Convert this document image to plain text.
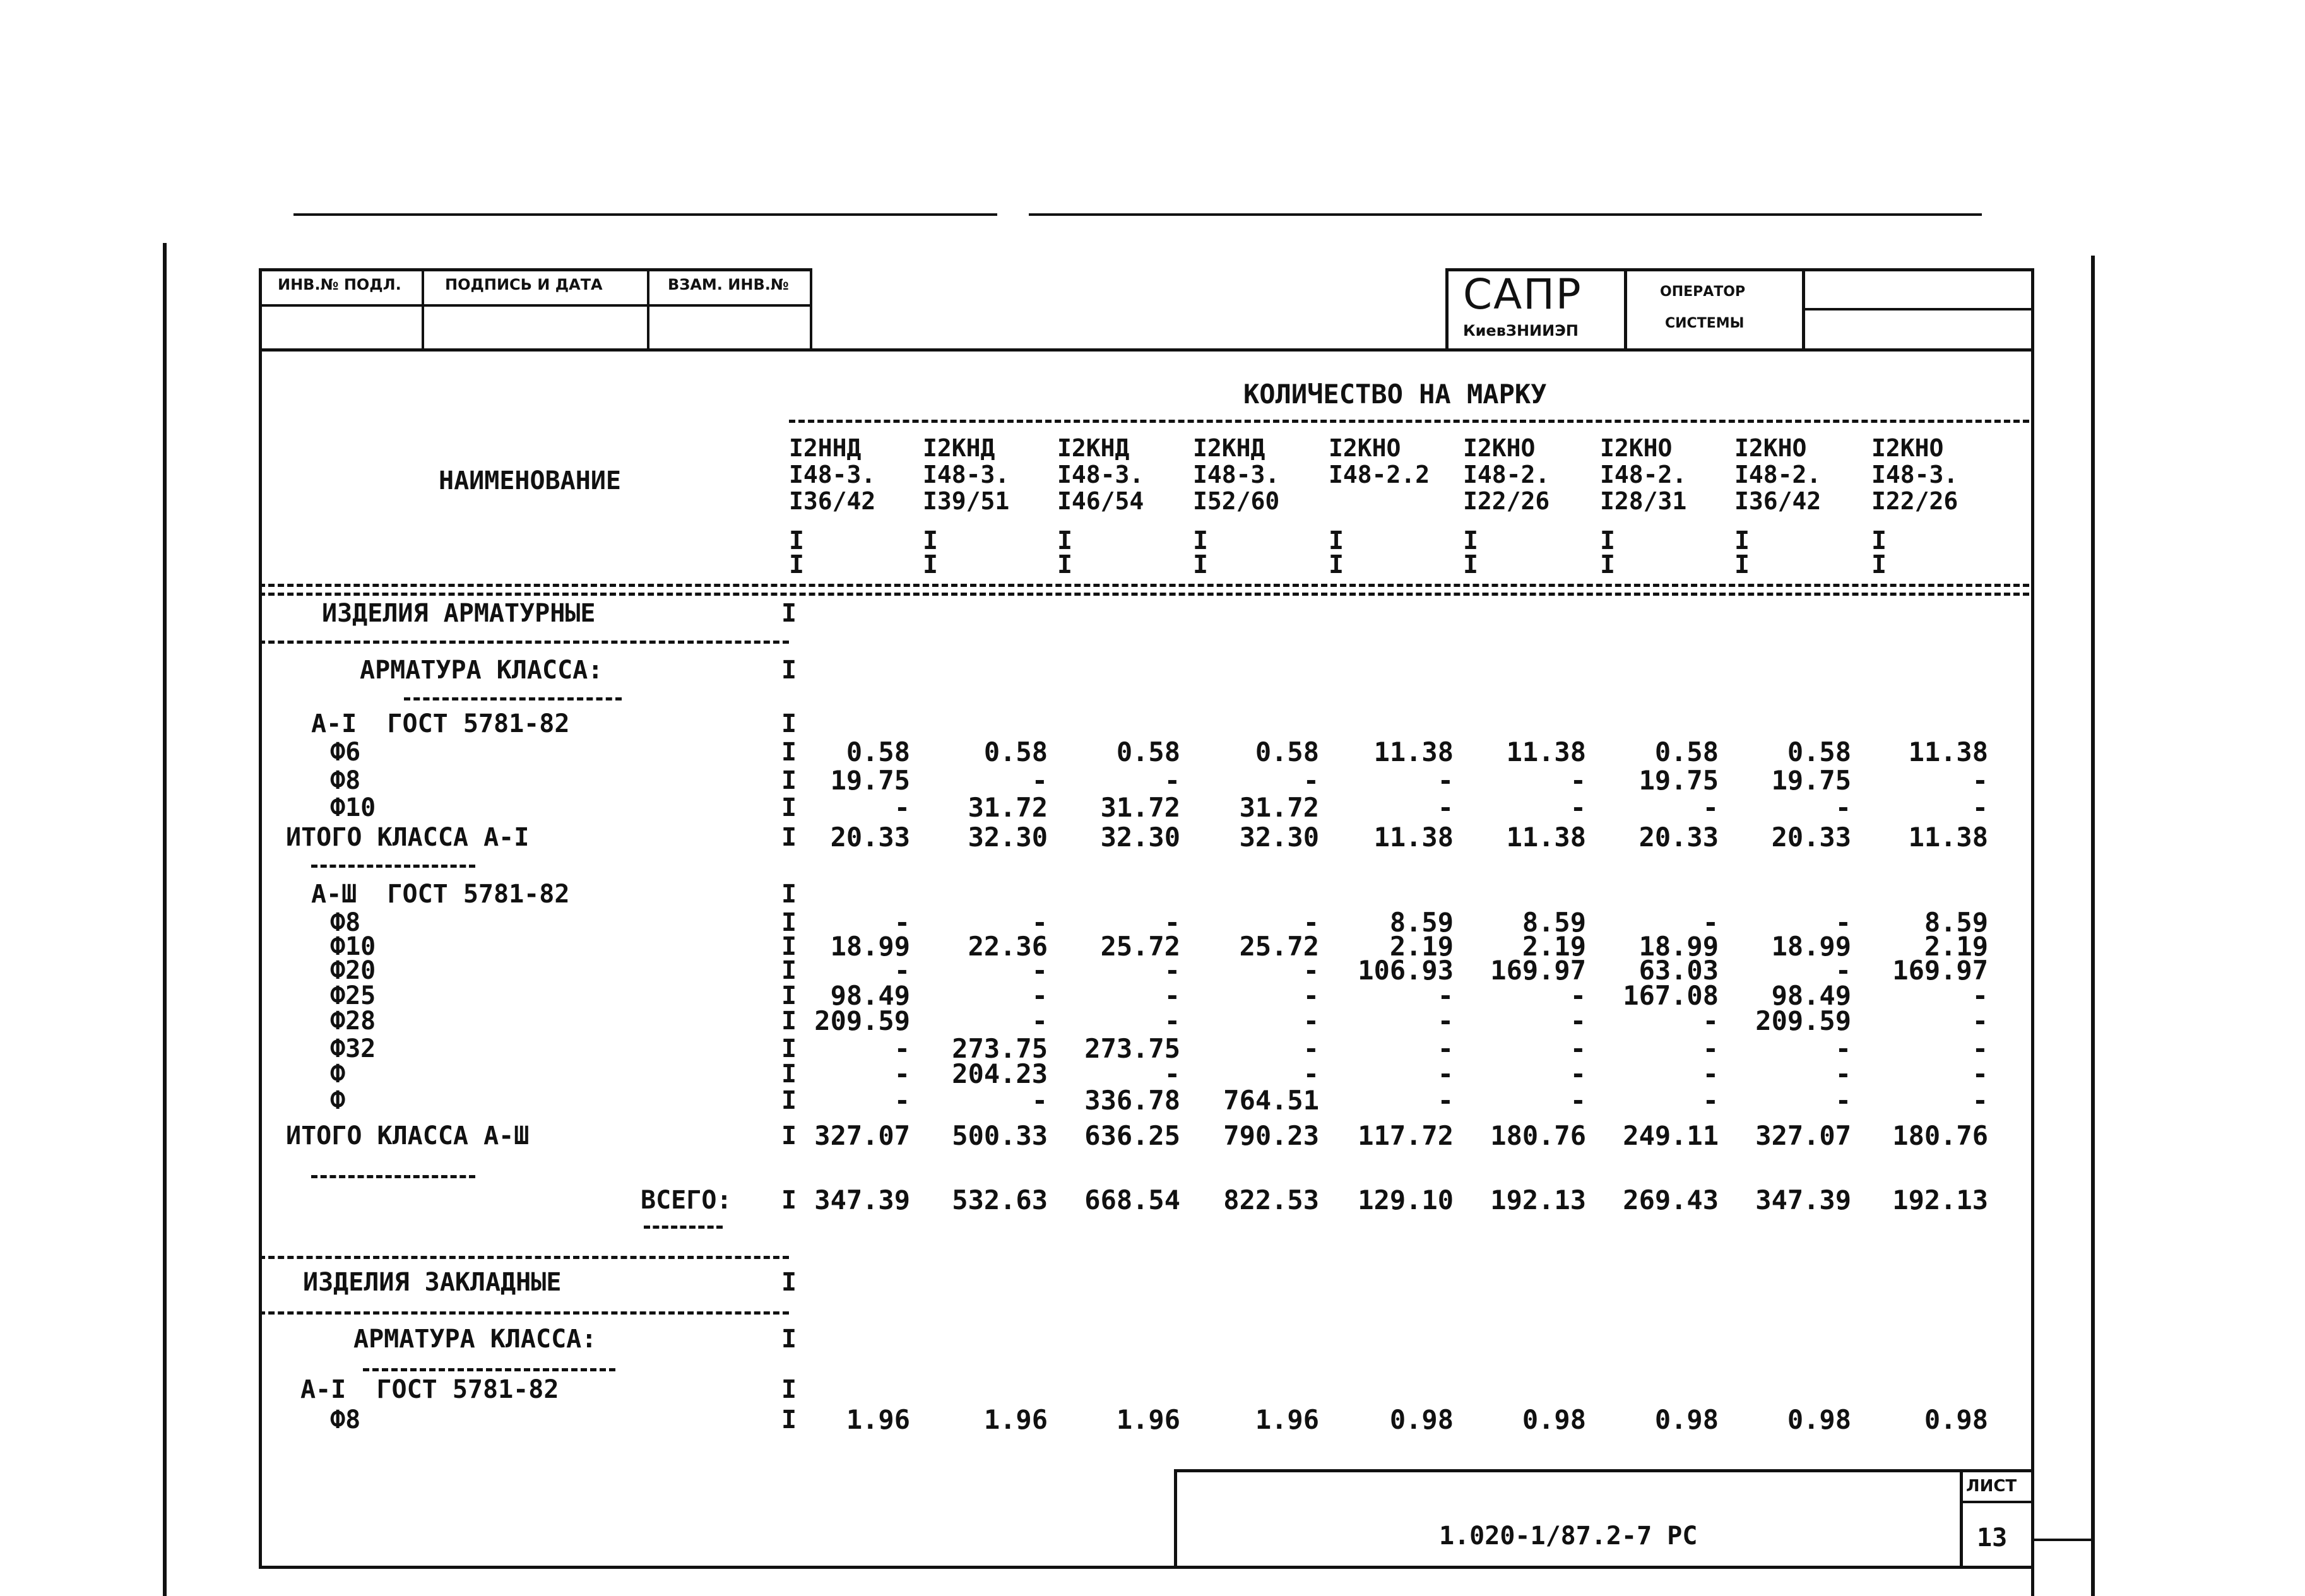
ИНВ.№ ПОДЛ.	ПОДПИСЬ И ДАТА	ВЗАМ. ИНВ.№	САПР
КиевЗНИИЭП
ОПЕРАТОР
СИСТЕМЫ
НАИМЕНОВАНИЕ
КОЛИЧЕСТВО НА МАРКУ
I2ННД
I48-3.
I36/42
I2КНД
I48-3.
I39/51
I2КНД
I48-3.
I46/54
I2КНД
I48-3.
I52/60
I2КНО
I48-2.2
I2КНО
I48-2.
I22/26
I2КНО
I48-2.
I28/31
I2КНО
I48-2.
I36/42
I2КНО
I48-3.
I22/26
I
I
I
I
I
I
I
I
I
I
I
I
I
I
I
I
I
I
ИЗДЕЛИЯ АРМАТУРНЫЕ	I
АРМАТУРА КЛАССА:	I
А-I  ГОСТ 5781-82	I
Ф6	I	0.58	0.58	0.58	0.58	11.38	11.38	0.58	0.58	11.38
Ф8	I	19.75	-	-	-	-	-	19.75	19.75	-
Ф10	I	-	31.72	31.72	31.72	-	-	-	-	-
ИТОГО КЛАССА А-I	I	20.33	32.30	32.30	32.30	11.38	11.38	20.33	20.33	11.38
А-Ш  ГОСТ 5781-82	I
Ф8	I	-	-	-	-	8.59	8.59	-	-	8.59
Ф10	I	18.99	22.36	25.72	25.72	2.19	2.19	18.99	18.99	2.19
Ф20	I	-	-	-	-	106.93	169.97	63.03	-	169.97
Ф25	I	98.49	-	-	-	-	-	167.08	98.49	-
Ф28	I 209.59	-	-	-	-	-	-	209.59	-
Ф32	I	-	273.75	273.75	-	-	-	-	-	-
Ф	I	-	204.23	-	-	-	-	-	-	-
Ф	I	-	-	336.78	764.51	-	-	-	-	-
ИТОГО КЛАССА А-Ш	I 327.07	500.33	636.25	790.23	117.72	180.76	249.11	327.07	180.76
ВСЕГО: I 347.39	532.63	668.54	822.53	129.10	192.13	269.43	347.39	192.13
ИЗДЕЛИЯ ЗАКЛАДНЫЕ	I
АРМАТУРА КЛАССА:	I
А-I  ГОСТ 5781-82	I
Ф8	I	1.96	1.96	1.96	1.96	0.98	0.98	0.98	0.98	0.98
1.020-1/87.2-7 РС
ЛИСТ
13
